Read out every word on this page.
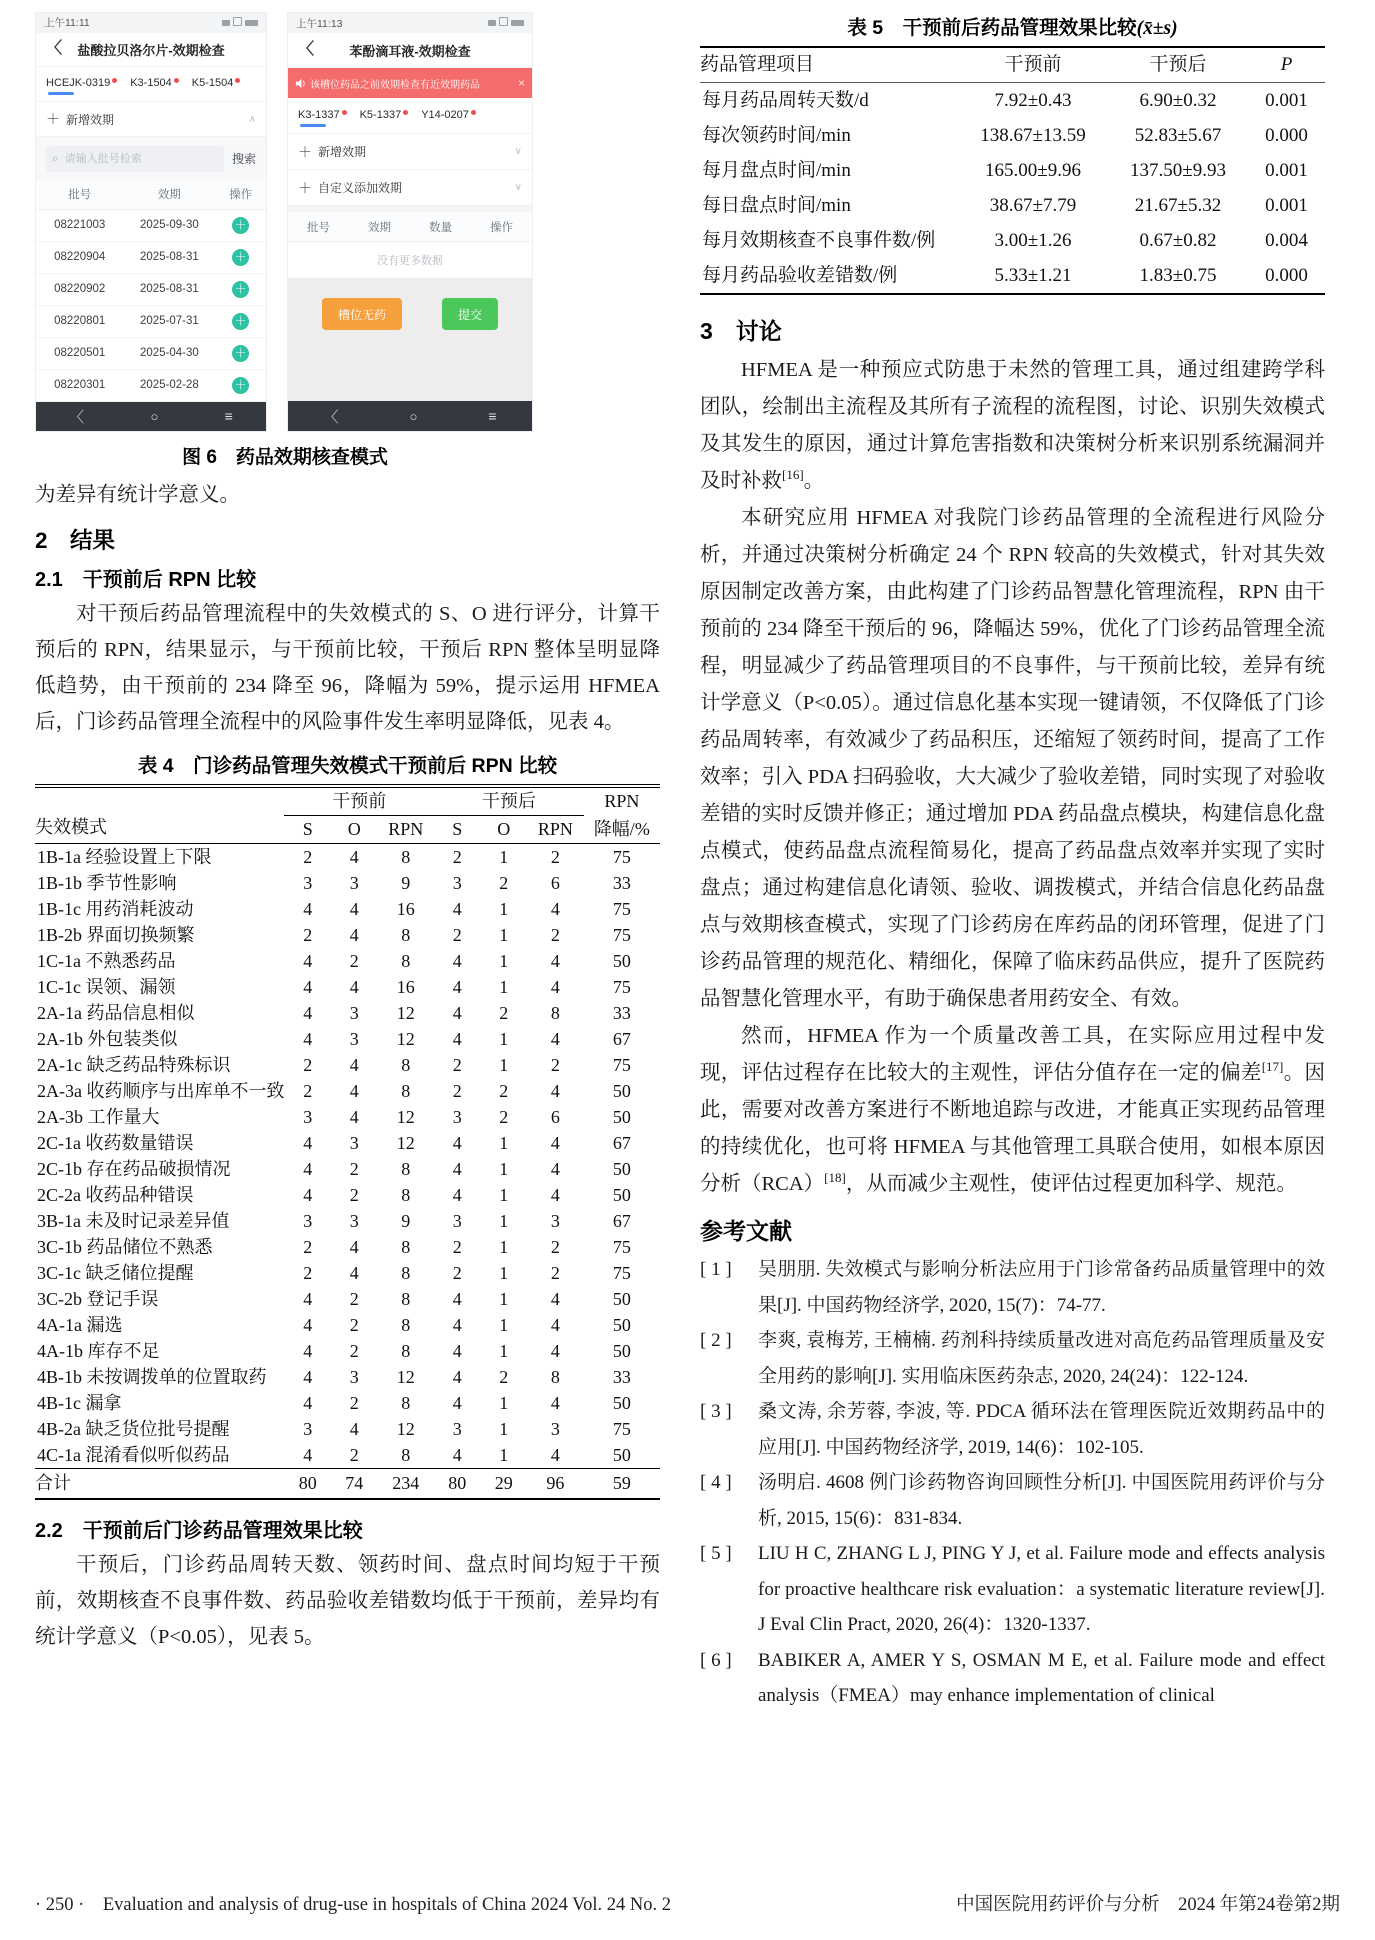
上午11:11
〈	盐酸拉贝洛尔片-效期检查
HCEJK-0319 K3-1504 K5-1504
＋ 新增效期	∧
⌕
请输入批号检索	搜索
批号	效期	操作
08221003	2025-09-30	＋
08220904	2025-08-31	＋
08220902	2025-08-31	＋
08220801	2025-07-31	＋
08220501	2025-04-30	＋
08220301	2025-02-28	＋
〈	○	≡
上午11:13
〈	苯酚滴耳液-效期检查
该槽位药品之前效期检查有近效期药品	×
K3-1337 K5-1337 Y14-0207
＋ 新增效期	∨
＋ 自定义添加效期	∨
批号	效期	数量	操作
没有更多数据
槽位无药	提交
〈	○	≡
图 6　药品效期核查模式

为差异有统计学意义。

2　结果
2.1　干预前后 RPN 比较

对干预后药品管理流程中的失效模式的 S、O 进行评分，计算干预后的 RPN，结果显示，与干预前比较，干预后 RPN 整体呈明显降低趋势，由干预前的 234 降至 96，降幅为 59%，提示运用 HFMEA 后，门诊药品管理全流程中的风险事件发生率明显降低，见表 4。

表 4　门诊药品管理失效模式干预前后 RPN 比较
失效模式	干预前			干预后			RPN
	S	O	RPN	S	O	RPN	降幅/%
1B-1a 经验设置上下限	2	4	8	2	1	2	75
1B-1b 季节性影响	3	3	9	3	2	6	33
1B-1c 用药消耗波动	4	4	16	4	1	4	75
1B-2b 界面切换频繁	2	4	8	2	1	2	75
1C-1a 不熟悉药品	4	2	8	4	1	4	50
1C-1c 误领、漏领	4	4	16	4	1	4	75
2A-1a 药品信息相似	4	3	12	4	2	8	33
2A-1b 外包装类似	4	3	12	4	1	4	67
2A-1c 缺乏药品特殊标识	2	4	8	2	1	2	75
2A-3a 收药顺序与出库单不一致	2	4	8	2	2	4	50
2A-3b 工作量大	3	4	12	3	2	6	50
2C-1a 收药数量错误	4	3	12	4	1	4	67
2C-1b 存在药品破损情况	4	2	8	4	1	4	50
2C-2a 收药品种错误	4	2	8	4	1	4	50
3B-1a 未及时记录差异值	3	3	9	3	1	3	67
3C-1b 药品储位不熟悉	2	4	8	2	1	2	75
3C-1c 缺乏储位提醒	2	4	8	2	1	2	75
3C-2b 登记手误	4	2	8	4	1	4	50
4A-1a 漏选	4	2	8	4	1	4	50
4A-1b 库存不足	4	2	8	4	1	4	50
4B-1b 未按调拨单的位置取药	4	3	12	4	2	8	33
4B-1c 漏拿	4	2	8	4	1	4	50
4B-2a 缺乏货位批号提醒	3	4	12	3	1	3	75
4C-1a 混淆看似听似药品	4	2	8	4	1	4	50
合计	80	74	234	80	29	96	59
2.2　干预前后门诊药品管理效果比较

干预后，门诊药品周转天数、领药时间、盘点时间均短于干预前，效期核查不良事件数、药品验收差错数均低于干预前，差异均有统计学意义（P<0.05），见表 5。

表 5　干预前后药品管理效果比较(x̄±s)
药品管理项目	干预前	干预后	P
每月药品周转天数/d	7.92±0.43	6.90±0.32	0.001
每次领药时间/min	138.67±13.59	52.83±5.67	0.000
每月盘点时间/min	165.00±9.96	137.50±9.93	0.001
每日盘点时间/min	38.67±7.79	21.67±5.32	0.001
每月效期核查不良事件数/例	3.00±1.26	0.67±0.82	0.004
每月药品验收差错数/例	5.33±1.21	1.83±0.75	0.000
3　讨论

HFMEA 是一种预应式防患于未然的管理工具，通过组建跨学科团队，绘制出主流程及其所有子流程的流程图，讨论、识别失效模式及其发生的原因，通过计算危害指数和决策树分析来识别系统漏洞并及时补救[16]。

本研究应用 HFMEA 对我院门诊药品管理的全流程进行风险分析，并通过决策树分析确定 24 个 RPN 较高的失效模式，针对其失效原因制定改善方案，由此构建了门诊药品智慧化管理流程，RPN 由干预前的 234 降至干预后的 96，降幅达 59%，优化了门诊药品管理全流程，明显减少了药品管理项目的不良事件，与干预前比较，差异有统计学意义（P<0.05）。通过信息化基本实现一键请领，不仅降低了门诊药品周转率，有效减少了药品积压，还缩短了领药时间，提高了工作效率；引入 PDA 扫码验收，大大减少了验收差错，同时实现了对验收差错的实时反馈并修正；通过增加 PDA 药品盘点模块，构建信息化盘点模式，使药品盘点流程简易化，提高了药品盘点效率并实现了实时盘点；通过构建信息化请领、验收、调拨模式，并结合信息化药品盘点与效期核查模式，实现了门诊药房在库药品的闭环管理，促进了门诊药品管理的规范化、精细化，保障了临床药品供应，提升了医院药品智慧化管理水平，有助于确保患者用药安全、有效。

然而，HFMEA 作为一个质量改善工具，在实际应用过程中发现，评估过程存在比较大的主观性，评估分值存在一定的偏差[17]。因此，需要对改善方案进行不断地追踪与改进，才能真正实现药品管理的持续优化，也可将 HFMEA 与其他管理工具联合使用，如根本原因分析（RCA）[18]，从而减少主观性，使评估过程更加科学、规范。

参考文献
[ 1 ]	吴朋朋. 失效模式与影响分析法应用于门诊常备药品质量管理中的效果[J]. 中国药物经济学, 2020, 15(7)：74-77.
[ 2 ]	李爽, 袁梅芳, 王楠楠. 药剂科持续质量改进对高危药品管理质量及安全用药的影响[J]. 实用临床医药杂志, 2020, 24(24)：122-124.
[ 3 ]	桑文涛, 余芳蓉, 李波, 等. PDCA 循环法在管理医院近效期药品中的应用[J]. 中国药物经济学, 2019, 14(6)：102-105.
[ 4 ]	汤明启. 4608 例门诊药物咨询回顾性分析[J]. 中国医院用药评价与分析, 2015, 15(6)：831-834.
[ 5 ]	LIU H C, ZHANG L J, PING Y J, et al. Failure mode and effects analysis for proactive healthcare risk evaluation：a systematic literature review[J]. J Eval Clin Pract, 2020, 26(4)：1320-1337.
[ 6 ]	BABIKER A, AMER Y S, OSMAN M E, et al. Failure mode and effect analysis（FMEA）may enhance implementation of clinical
· 250 ·　Evaluation and analysis of drug-use in hospitals of China 2024 Vol. 24 No. 2	中国医院用药评价与分析　2024 年第24卷第2期
